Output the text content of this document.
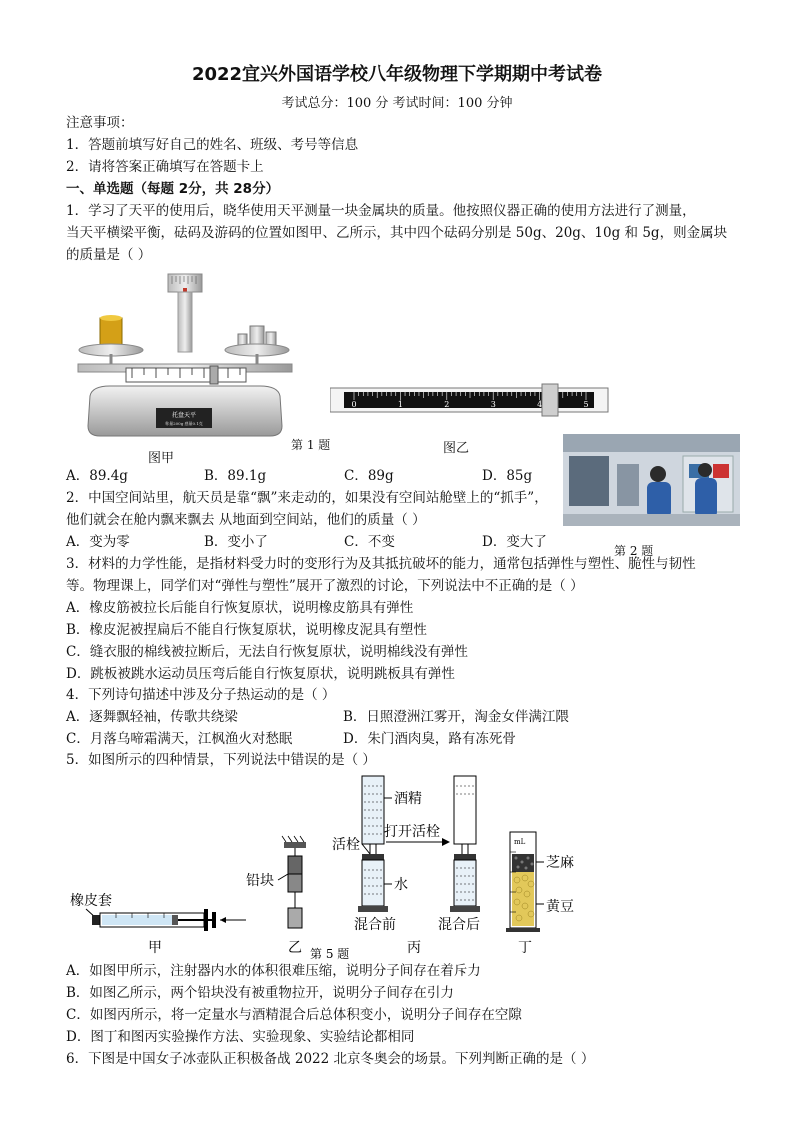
2022宜兴外国语学校八年级物理下学期期中考试卷
考试总分：100 分 考试时间：100 分钟
注意事项：
1．答题前填写好自己的姓名、班级、考号等信息
2．请将答案正确填写在答题卡上
一、单选题（每题 2分，共 28分）
1．学习了天平的使用后，晓华使用天平测量一块金属块的质量。他按照仪器正确的使用方法进行了测量，
当天平横梁平衡，砝码及游码的位置如图甲、乙所示，其中四个砝码分别是 50g、20g、10g 和 5g，则金属块
的质量是（ ）
托盘天平
称量200g 感量0.1克
图甲
第 1 题
0	1	2	3	4	5
图乙
A．89.4g	B．89.1g	C．89g	D．85g
2．中国空间站里，航天员是靠“飘”来走动的，如果没有空间站舱壁上的“抓手”，
他们就会在舱内飘来飘去 从地面到空间站，他们的质量（ ）
A．变为零	B．变小了	C．不变	D．变大了
第 2 题
3．材料的力学性能，是指材料受力时的变形行为及其抵抗破坏的能力，通常包括弹性与塑性、脆性与韧性
等。物理课上，同学们对“弹性与塑性”展开了激烈的讨论，下列说法中不正确的是（ ）
A．橡皮筋被拉长后能自行恢复原状，说明橡皮筋具有弹性
B．橡皮泥被捏扁后不能自行恢复原状，说明橡皮泥具有塑性
C．缝衣服的棉线被拉断后，无法自行恢复原状，说明棉线没有弹性
D．跳板被跳水运动员压弯后能自行恢复原状，说明跳板具有弹性
4．下列诗句描述中涉及分子热运动的是（ ）
A．逐舞飘轻袖，传歌共绕梁	B．日照澄洲江雾开，淘金女伴满江隈
C．月落乌啼霜满天，江枫渔火对愁眠	D．朱门酒肉臭，路有冻死骨
5．如图所示的四种情景，下列说法中错误的是（ ）
橡皮套
甲
铅块
乙
酒精
活栓
水
混合前
打开活栓
混合后
丙
mL
芝麻
黄豆
丁
第 5 题
A．如图甲所示，注射器内水的体积很难压缩，说明分子间存在着斥力
B．如图乙所示，两个铅块没有被重物拉开，说明分子间存在引力
C．如图丙所示，将一定量水与酒精混合后总体积变小，说明分子间存在空隙
D．图丁和图丙实验操作方法、实验现象、实验结论都相同
6．下图是中国女子冰壶队正积极备战 2022 北京冬奥会的场景。下列判断正确的是（ ）
